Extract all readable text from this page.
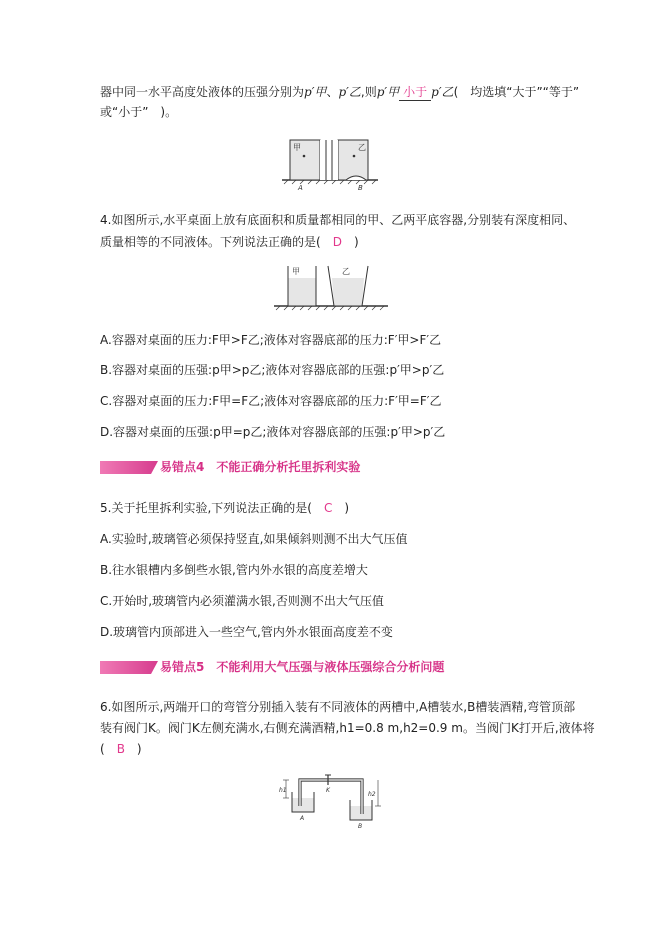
器中同一水平高度处液体的压强分别为p′甲、p′乙,则p′甲 小于 p′乙(　均选填“大于”“等于”
或“小于”　)。
甲	乙
A	B
4.如图所示,水平桌面上放有底面积和质量都相同的甲、乙两平底容器,分别装有深度相同、
质量相等的不同液体。下列说法正确的是(　D　)
甲	乙
A.容器对桌面的压力:F甲>F乙;液体对容器底部的压力:F′甲>F′乙
B.容器对桌面的压强:p甲>p乙;液体对容器底部的压强:p′甲>p′乙
C.容器对桌面的压力:F甲=F乙;液体对容器底部的压力:F′甲=F′乙
D.容器对桌面的压强:p甲=p乙;液体对容器底部的压强:p′甲>p′乙
易错点4　不能正确分析托里拆利实验
5.关于托里拆利实验,下列说法正确的是(　C　)
A.实验时,玻璃管必须保持竖直,如果倾斜则测不出大气压值
B.往水银槽内多倒些水银,管内外水银的高度差增大
C.开始时,玻璃管内必须灌满水银,否则测不出大气压值
D.玻璃管内顶部进入一些空气,管内外水银面高度差不变
易错点5　不能利用大气压强与液体压强综合分析问题
6.如图所示,两端开口的弯管分别插入装有不同液体的两槽中,A槽装水,B槽装酒精,弯管顶部
装有阀门K。阀门K左侧充满水,右侧充满酒精,h1=0.8 m,h2=0.9 m。当阀门K打开后,液体将
(　B　)
h1
h2
K
A
B
